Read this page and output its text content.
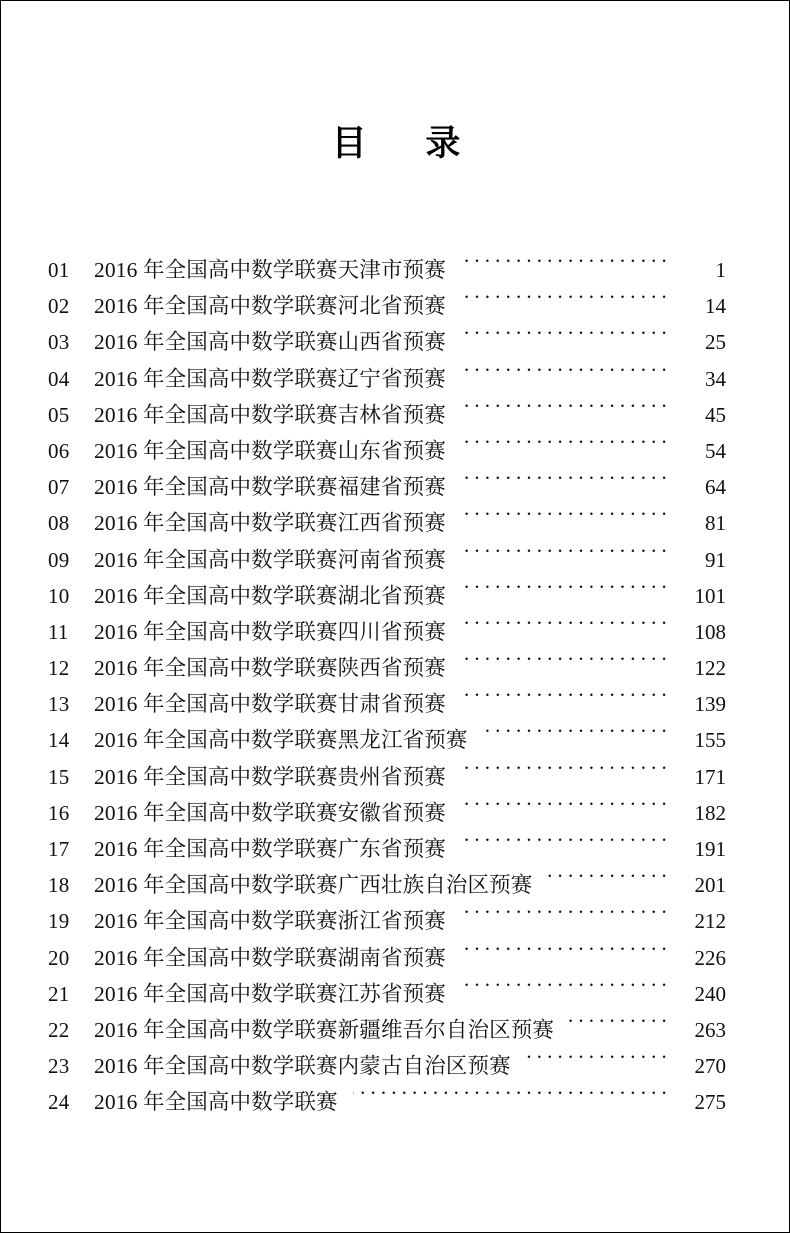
目　录
01	2016 年全国高中数学联赛天津市预赛 ·····	1
02	2016 年全国高中数学联赛河北省预赛 ·····	14
03	2016 年全国高中数学联赛山西省预赛 ·····	25
04	2016 年全国高中数学联赛辽宁省预赛 ·····	34
05	2016 年全国高中数学联赛吉林省预赛 ·····	45
06	2016 年全国高中数学联赛山东省预赛 ·····	54
07	2016 年全国高中数学联赛福建省预赛 ·····	64
08	2016 年全国高中数学联赛江西省预赛 ·····	81
09	2016 年全国高中数学联赛河南省预赛 ·····	91
10	2016 年全国高中数学联赛湖北省预赛 ·····	101
11	2016 年全国高中数学联赛四川省预赛 ·····	108
12	2016 年全国高中数学联赛陕西省预赛 ·····	122
13	2016 年全国高中数学联赛甘肃省预赛 ·····	139
14	2016 年全国高中数学联赛黑龙江省预赛 ·····	155
15	2016 年全国高中数学联赛贵州省预赛 ·····	171
16	2016 年全国高中数学联赛安徽省预赛 ·····	182
17	2016 年全国高中数学联赛广东省预赛 ·····	191
18	2016 年全国高中数学联赛广西壮族自治区预赛 ·····	201
19	2016 年全国高中数学联赛浙江省预赛 ·····	212
20	2016 年全国高中数学联赛湖南省预赛 ·····	226
21	2016 年全国高中数学联赛江苏省预赛 ·····	240
22	2016 年全国高中数学联赛新疆维吾尔自治区预赛 ·····	263
23	2016 年全国高中数学联赛内蒙古自治区预赛 ·····	270
24	2016 年全国高中数学联赛 ·····	275
